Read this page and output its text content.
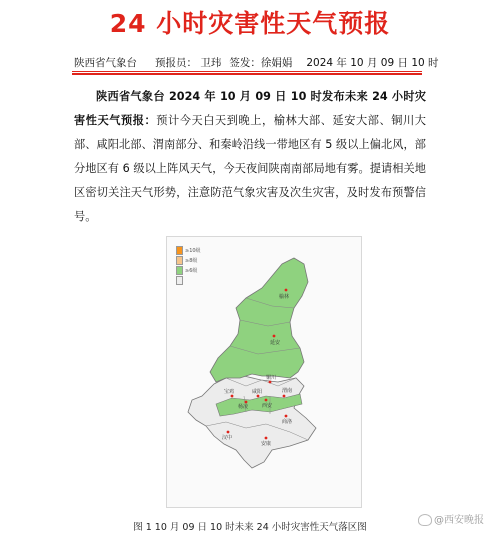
24 小时灾害性天气预报
陕西省气象台 预报员： 卫玮 签发：徐娟娟 2024 年 10 月 09 日 10 时
陕西省气象台 2024 年 10 月 09 日 10 时发布未来 24 小时灾害性天气预报：预计今天白天到晚上，榆林大部、延安大部、铜川大部、咸阳北部、渭南部分、和秦岭沿线一带地区有 5 级以上偏北风，部分地区有 6 级以上阵风天气，今天夜间陕南南部局地有雾。提请相关地区密切关注天气形势，注意防范气象灾害及次生灾害，及时发布预警信号。
≥10级
≥8级
≥6级
榆林
延安
铜川
咸阳
宝鸡
西安
渭南
杨凌
商洛
汉中
安康
图 1 10 月 09 日 10 时未来 24 小时灾害性天气落区图
@西安晚报
